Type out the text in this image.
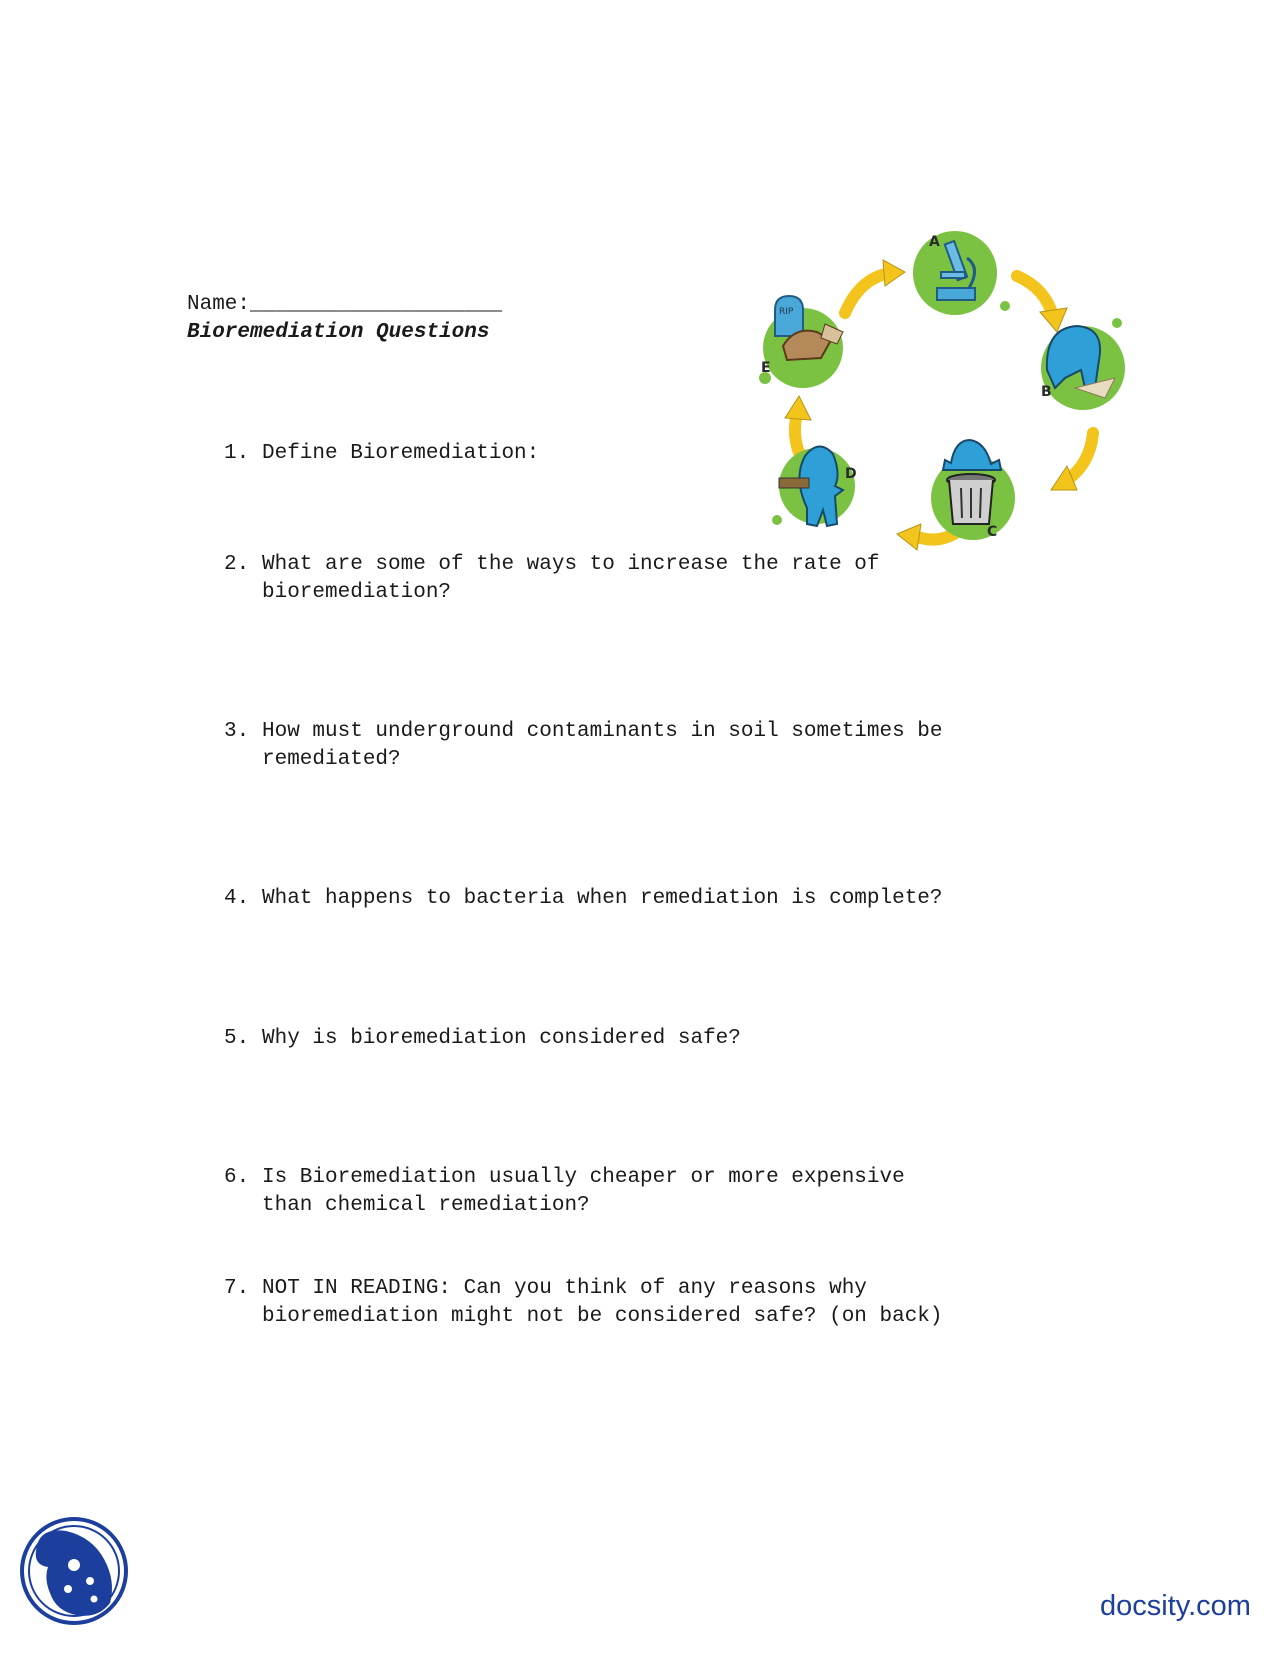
Name:____________________
Bioremediation Questions
1. Define Bioremediation:
2. What are some of the ways to increase the rate of
bioremediation?
3. How must underground contaminants in soil sometimes be
remediated?
4. What happens to bacteria when remediation is complete?
5. Why is bioremediation considered safe?
6. Is Bioremediation usually cheaper or more expensive
than chemical remediation?
7. NOT IN READING: Can you think of any reasons why
bioremediation might not be considered safe? (on back)
A
B
C
D
RIP
E
docsity.com
